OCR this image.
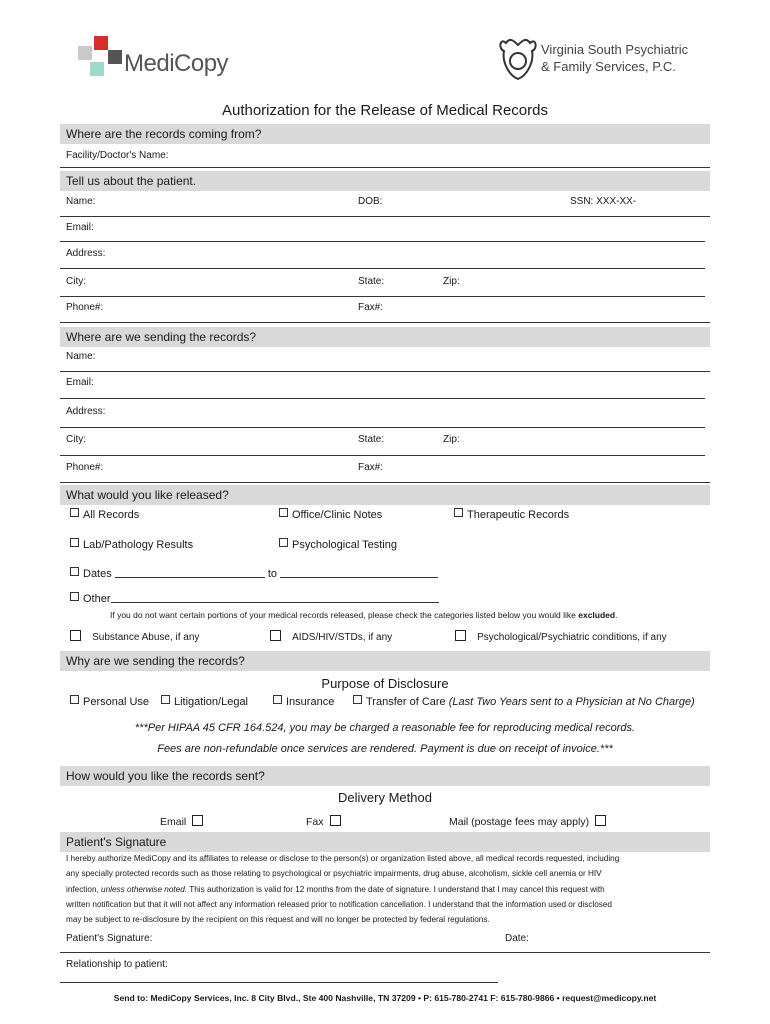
MediCopy
Virginia South Psychiatric
& Family Services, P.C.
Authorization for the Release of Medical Records
Where are the records coming from?
Facility/Doctor's Name:
Tell us about the patient.
Name:	DOB:	SSN: XXX-XX-
Email:
Address:
City:	State:	Zip:
Phone#:	Fax#:
Where are we sending the records?
Name:
Email:
Address:
City:	State:	Zip:
Phone#:	Fax#:
What would you like released?
All Records	Office/Clinic Notes	Therapeutic Records
Lab/Pathology Results	Psychological Testing
Dates	to
Other
If you do not want certain portions of your medical records released, please check the categories listed below you would like excluded.
Substance Abuse, if any	AIDS/HIV/STDs, if any	Psychological/Psychiatric conditions, if any
Why are we sending the records?
Purpose of Disclosure
Personal Use	Litigation/Legal	Insurance	Transfer of Care (Last Two Years sent to a Physician at No Charge)
***Per HIPAA 45 CFR 164.524, you may be charged a reasonable fee for reproducing medical records.
Fees are non-refundable once services are rendered. Payment is due on receipt of invoice.***
How would you like the records sent?
Delivery Method
Email	Fax	Mail (postage fees may apply)
Patient's Signature
I hereby authorize MediCopy and its affiliates to release or disclose to the person(s) or organization listed above, all medical records requested, including
any specially protected records such as those relating to psychological or psychiatric impairments, drug abuse, alcoholism, sickle cell anemia or HIV
infection, unless otherwise noted. This authorization is valid for 12 months from the date of signature. I understand that I may cancel this request with
written notification but that it will not affect any information released prior to notification cancellation. I understand that the information used or disclosed
may be subject to re-disclosure by the recipient on this request and will no longer be protected by federal regulations.
Patient's Signature:	Date:
Relationship to patient:
Send to: MediCopy Services, Inc. 8 City Blvd., Ste 400 Nashville, TN 37209 • P: 615-780-2741 F: 615-780-9866 • request@medicopy.net
